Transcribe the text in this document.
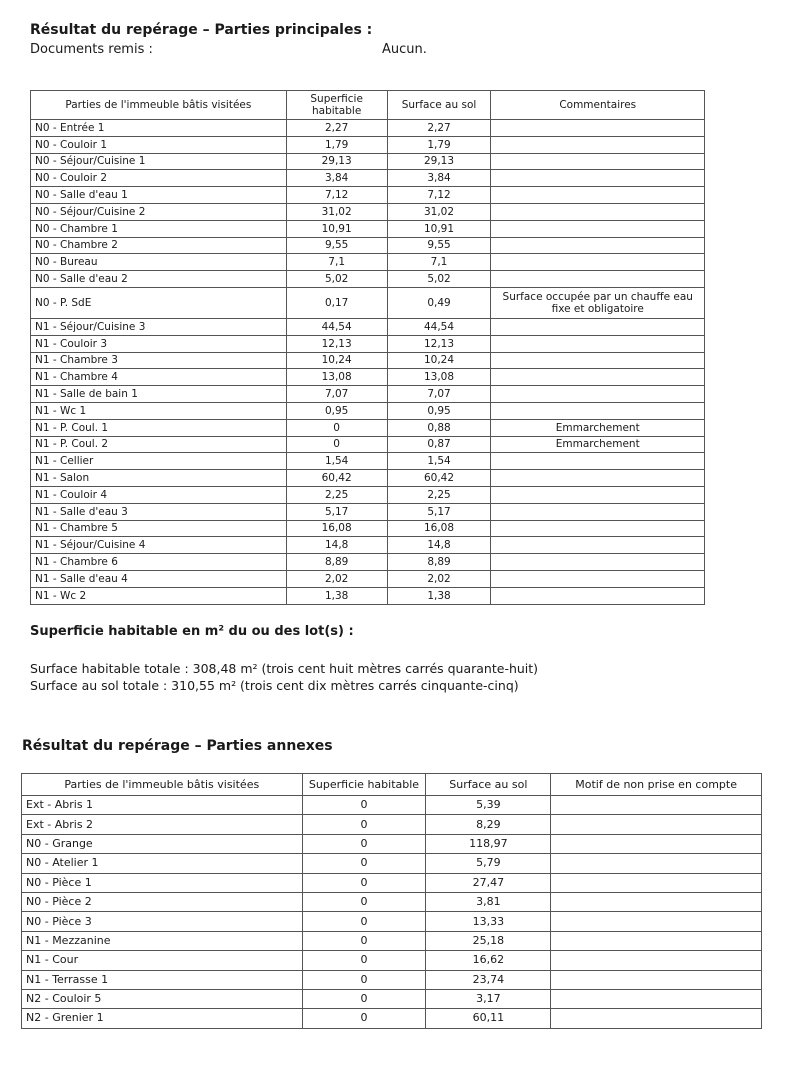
Résultat du repérage – Parties principales :
Documents remis :	Aucun.
Parties de l'immeuble bâtis visitées	Superficie habitable	Surface au sol	Commentaires
N0 - Entrée 1	2,27	2,27	
N0 - Couloir 1	1,79	1,79	
N0 - Séjour/Cuisine 1	29,13	29,13	
N0 - Couloir 2	3,84	3,84	
N0 - Salle d'eau 1	7,12	7,12	
N0 - Séjour/Cuisine 2	31,02	31,02	
N0 - Chambre 1	10,91	10,91	
N0 - Chambre 2	9,55	9,55	
N0 - Bureau	7,1	7,1	
N0 - Salle d'eau 2	5,02	5,02	
N0 - P. SdE	0,17	0,49	Surface occupée par un chauffe eau fixe et obligatoire
N1 - Séjour/Cuisine 3	44,54	44,54	
N1 - Couloir 3	12,13	12,13	
N1 - Chambre 3	10,24	10,24	
N1 - Chambre 4	13,08	13,08	
N1 - Salle de bain 1	7,07	7,07	
N1 - Wc 1	0,95	0,95	
N1 - P. Coul. 1	0	0,88	Emmarchement
N1 - P. Coul. 2	0	0,87	Emmarchement
N1 - Cellier	1,54	1,54	
N1 - Salon	60,42	60,42	
N1 - Couloir 4	2,25	2,25	
N1 - Salle d'eau 3	5,17	5,17	
N1 - Chambre 5	16,08	16,08	
N1 - Séjour/Cuisine 4	14,8	14,8	
N1 - Chambre 6	8,89	8,89	
N1 - Salle d'eau 4	2,02	2,02	
N1 - Wc 2	1,38	1,38	
Superficie habitable en m² du ou des lot(s) :
Surface habitable totale : 308,48 m² (trois cent huit mètres carrés quarante-huit)
Surface au sol totale : 310,55 m² (trois cent dix mètres carrés cinquante-cinq)
Résultat du repérage – Parties annexes
Parties de l'immeuble bâtis visitées	Superficie habitable	Surface au sol	Motif de non prise en compte
Ext - Abris 1	0	5,39	
Ext - Abris 2	0	8,29	
N0 - Grange	0	118,97	
N0 - Atelier 1	0	5,79	
N0 - Pièce 1	0	27,47	
N0 - Pièce 2	0	3,81	
N0 - Pièce 3	0	13,33	
N1 - Mezzanine	0	25,18	
N1 - Cour	0	16,62	
N1 - Terrasse 1	0	23,74	
N2 - Couloir 5	0	3,17	
N2 - Grenier 1	0	60,11	
